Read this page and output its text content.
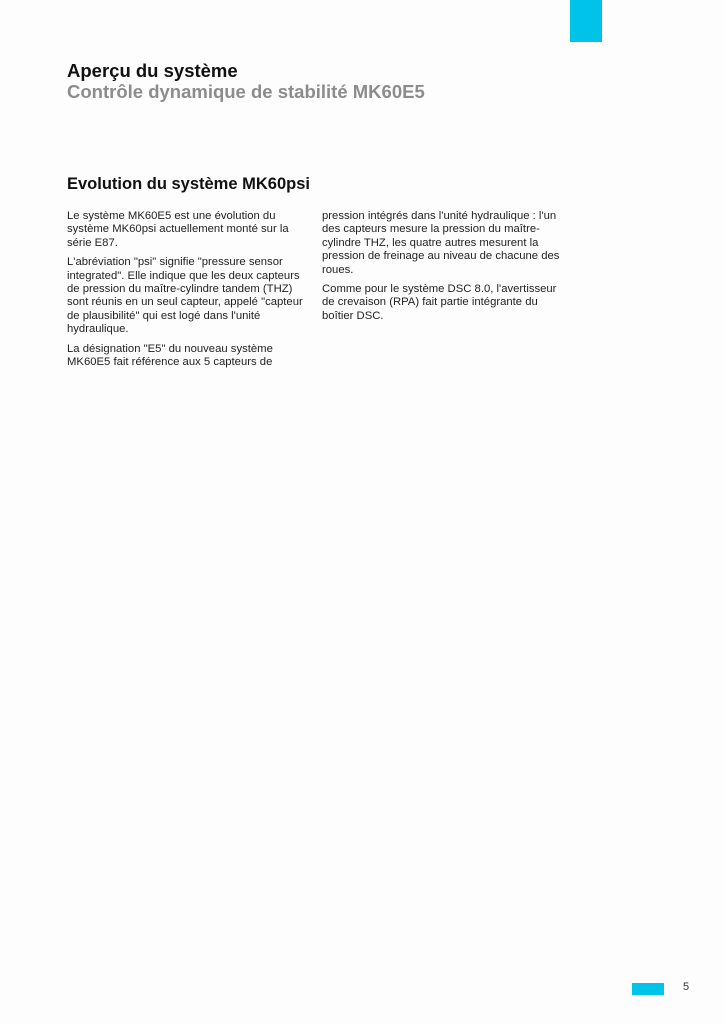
Aperçu du système
Contrôle dynamique de stabilité MK60E5
Evolution du système MK60psi

Le système MK60E5 est une évolution du système MK60psi actuellement monté sur la série E87.

L'abréviation "psi" signifie "pressure sensor integrated". Elle indique que les deux capteurs de pression du maître-cylindre tandem (THZ) sont réunis en un seul capteur, appelé "capteur de plausibilité" qui est logé dans l'unité hydraulique.

La désignation "E5" du nouveau système MK60E5 fait référence aux 5 capteurs de

pression intégrés dans l'unité hydraulique : l'un des capteurs mesure la pression du maître-cylindre THZ, les quatre autres mesurent la pression de freinage au niveau de chacune des roues.

Comme pour le système DSC 8.0, l'avertisseur de crevaison (RPA) fait partie intégrante du boîtier DSC.

5
